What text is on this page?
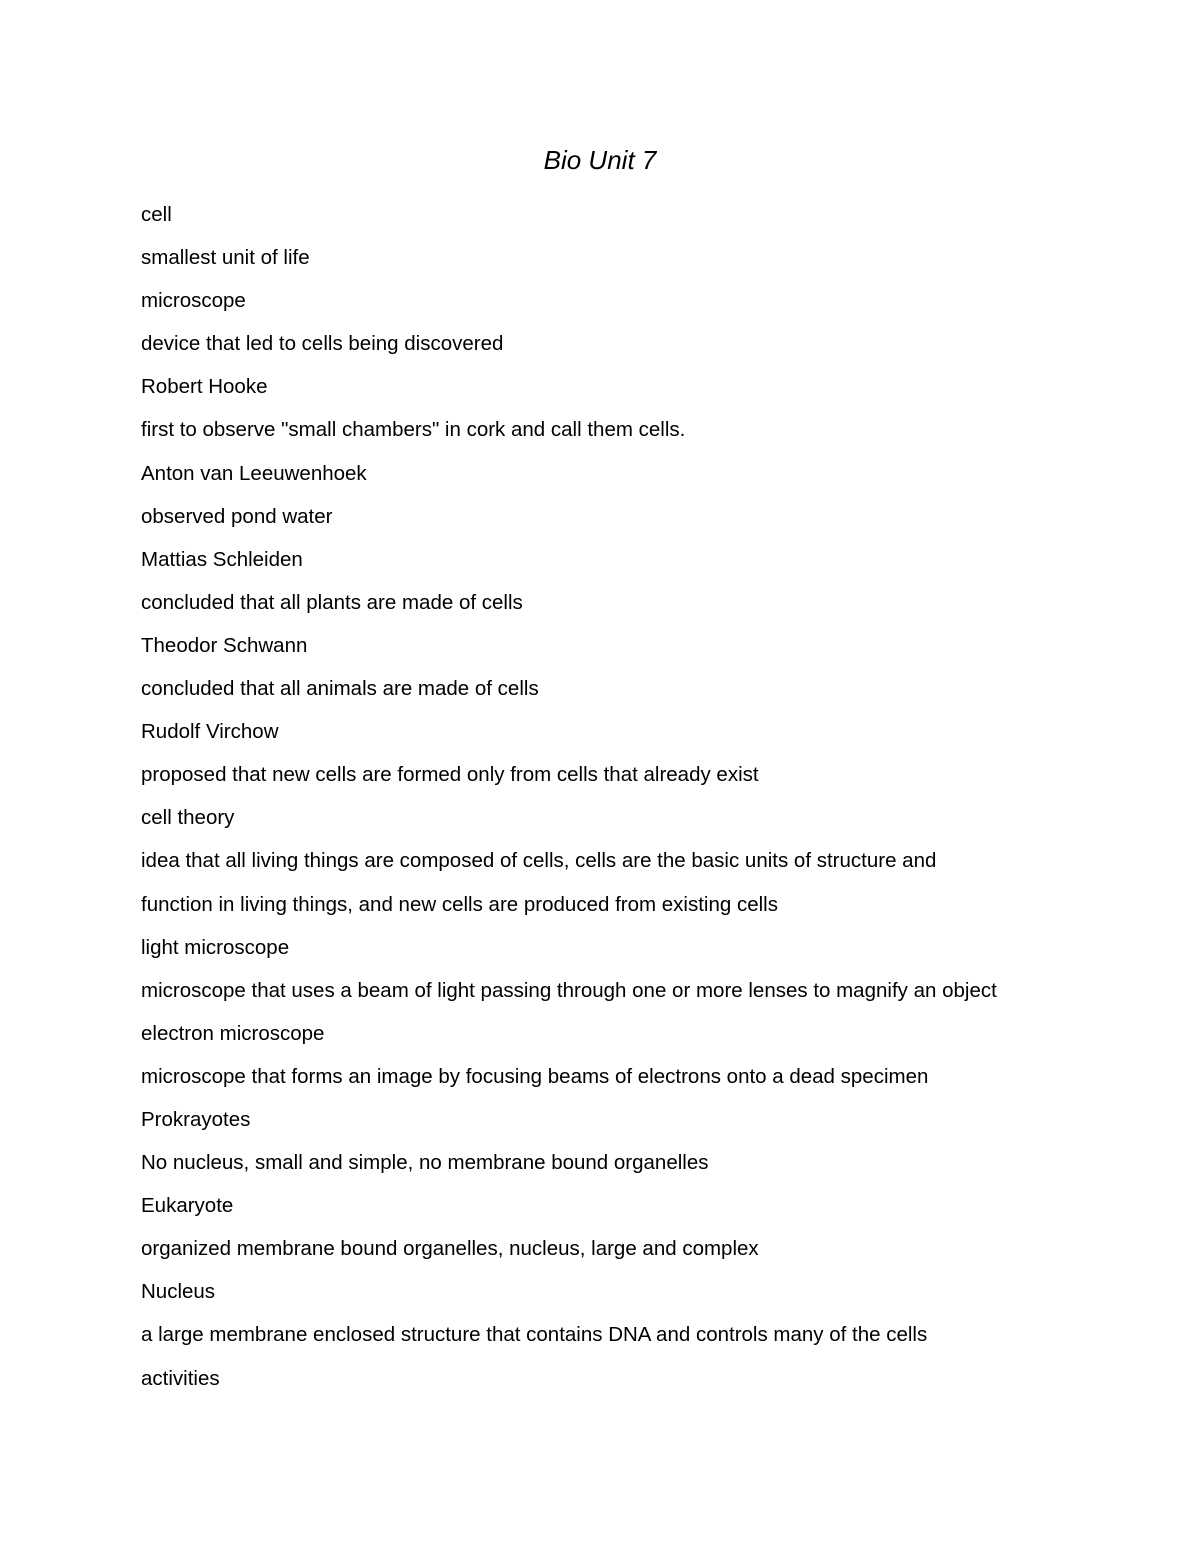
Bio Unit 7
cell
smallest unit of life
microscope
device that led to cells being discovered
Robert Hooke
first to observe "small chambers" in cork and call them cells.
Anton van Leeuwenhoek
observed pond water
Mattias Schleiden
concluded that all plants are made of cells
Theodor Schwann
concluded that all animals are made of cells
Rudolf Virchow
proposed that new cells are formed only from cells that already exist
cell theory
idea that all living things are composed of cells, cells are the basic units of structure and
function in living things, and new cells are produced from existing cells
light microscope
microscope that uses a beam of light passing through one or more lenses to magnify an object
electron microscope
microscope that forms an image by focusing beams of electrons onto a dead specimen
Prokrayotes
No nucleus, small and simple, no membrane bound organelles
Eukaryote
organized membrane bound organelles, nucleus, large and complex
Nucleus
a large membrane enclosed structure that contains DNA and controls many of the cells
activities
